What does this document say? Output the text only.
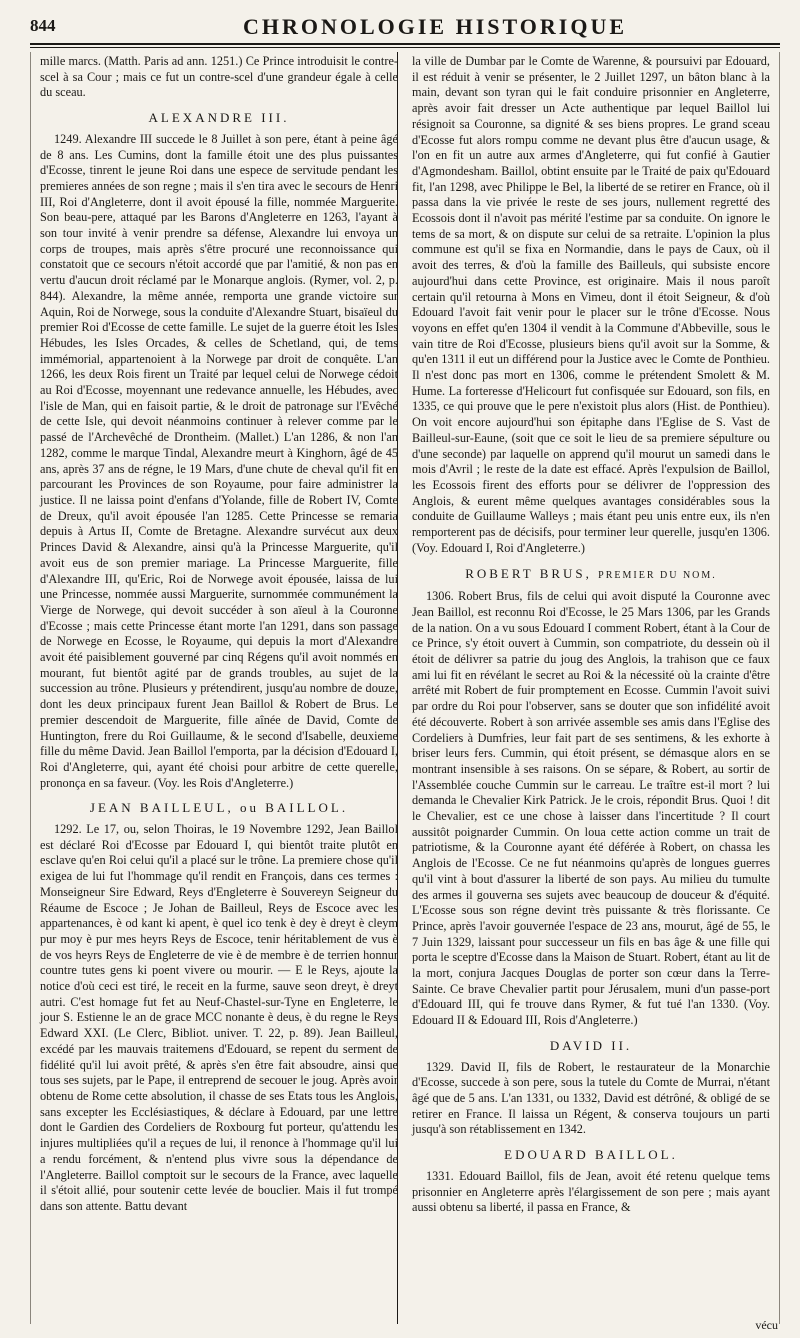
844	CHRONOLOGIE HISTORIQUE

mille marcs. (Matth. Paris ad ann. 1251.) Ce Prince introduisit le contre-scel à sa Cour ; mais ce fut un contre-scel d'une grandeur égale à celle du sceau.

ALEXANDRE III.

1249. Alexandre III succede le 8 Juillet à son pere, étant à peine âgé de 8 ans. Les Cumins, dont la famille étoit une des plus puissantes d'Ecosse, tinrent le jeune Roi dans une espece de servitude pendant les premieres années de son regne ; mais il s'en tira avec le secours de Henri III, Roi d'Angleterre, dont il avoit épousé la fille, nommée Marguerite. Son beau-pere, attaqué par les Barons d'Angleterre en 1263, l'ayant à son tour invité à venir prendre sa défense, Alexandre lui envoya un corps de troupes, mais après s'être procuré une reconnoissance qui constatoit que ce secours n'étoit accordé que par l'amitié, & non pas en vertu d'aucun droit réclamé par le Monarque anglois. (Rymer, vol. 2, p. 844). Alexandre, la même année, remporta une grande victoire sur Aquin, Roi de Norwege, sous la conduite d'Alexandre Stuart, bisaïeul du premier Roi d'Ecosse de cette famille. Le sujet de la guerre étoit les Isles Hébudes, les Isles Orcades, & celles de Schetland, qui, de tems immémorial, appartenoient à la Norwege par droit de conquête. L'an 1266, les deux Rois firent un Traité par lequel celui de Norwege cédoit au Roi d'Ecosse, moyennant une redevance annuelle, les Hébudes, avec l'isle de Man, qui en faisoit partie, & le droit de patronage sur l'Evêché de cette Isle, qui devoit néanmoins continuer à relever comme par le passé de l'Archevêché de Drontheim. (Mallet.) L'an 1286, & non l'an 1282, comme le marque Tindal, Alexandre meurt à Kinghorn, âgé de 45 ans, après 37 ans de régne, le 19 Mars, d'une chute de cheval qu'il fit en parcourant les Provinces de son Royaume, pour faire administrer la justice. Il ne laissa point d'enfans d'Yolande, fille de Robert IV, Comte de Dreux, qu'il avoit épousée l'an 1285. Cette Princesse se remaria depuis à Artus II, Comte de Bretagne. Alexandre survécut aux deux Princes David & Alexandre, ainsi qu'à la Princesse Marguerite, qu'il avoit eus de son premier mariage. La Princesse Marguerite, fille d'Alexandre III, qu'Eric, Roi de Norwege avoit épousée, laissa de lui une Princesse, nommée aussi Marguerite, surnommée communément la Vierge de Norwege, qui devoit succéder à son aïeul à la Couronne d'Ecosse ; mais cette Princesse étant morte l'an 1291, dans son passage de Norwege en Ecosse, le Royaume, qui depuis la mort d'Alexandre avoit été paisiblement gouverné par cinq Régens qu'il avoit nommés en mourant, fut bientôt agité par de grands troubles, au sujet de la succession au trône. Plusieurs y prétendirent, jusqu'au nombre de douze, dont les deux principaux furent Jean Baillol & Robert de Brus. Le premier descendoit de Marguerite, fille aînée de David, Comte de Huntington, frere du Roi Guillaume, & le second d'Isabelle, deuxieme fille du même David. Jean Baillol l'emporta, par la décision d'Edouard I, Roi d'Angleterre, qui, ayant été choisi pour arbitre de cette querelle, prononça en sa faveur. (Voy. les Rois d'Angleterre.)

JEAN BAILLEUL, ou BAILLOL.

1292. Le 17, ou, selon Thoiras, le 19 Novembre 1292, Jean Baillol est déclaré Roi d'Ecosse par Edouard I, qui bientôt traite plutôt en esclave qu'en Roi celui qu'il a placé sur le trône. La premiere chose qu'il exigea de lui fut l'hommage qu'il rendit en François, dans ces termes : Monseigneur Sire Edward, Reys d'Engleterre è Souvereyn Seigneur du Réaume de Escoce ; Je Johan de Bailleul, Reys de Escoce avec les appartenances, è od kant ki apent, è quel ico tenk è dey è dreyt è cleym pur moy è pur mes heyrs Reys de Escoce, tenir héritablement de vus è de vos heyrs Reys de Engleterre de vie è de membre è de terrien honnur countre tutes gens ki poent vivere ou mourir. — E le Reys, ajoute la notice d'où ceci est tiré, le receit en la furme, sauve seon dreyt, è dreyt autri. C'est homage fut fet au Neuf-Chastel-sur-Tyne en Engleterre, le jour S. Estienne le an de grace MCC nonante è deus, è du regne le Reys Edward XXI. (Le Clerc, Bibliot. univer. T. 22, p. 89). Jean Bailleul, excédé par les mauvais traitemens d'Edouard, se repent du serment de fidélité qu'il lui avoit prêté, & après s'en être fait absoudre, ainsi que tous ses sujets, par le Pape, il entreprend de secouer le joug. Après avoir obtenu de Rome cette absolution, il chasse de ses Etats tous les Anglois, sans excepter les Ecclésiastiques, & déclare à Edouard, par une lettre dont le Gardien des Cordeliers de Roxbourg fut porteur, qu'attendu les injures multipliées qu'il a reçues de lui, il renonce à l'hommage qu'il lui a rendu forcément, & n'entend plus vivre sous la dépendance de l'Angleterre. Baillol comptoit sur le secours de la France, avec laquelle il s'étoit allié, pour soutenir cette levée de bouclier. Mais il fut trompé dans son attente. Battu devant

la ville de Dumbar par le Comte de Warenne, & poursuivi par Edouard, il est réduit à venir se présenter, le 2 Juillet 1297, un bâton blanc à la main, devant son tyran qui le fait conduire prisonnier en Angleterre, après avoir fait dresser un Acte authentique par lequel Baillol lui résignoit sa Couronne, sa dignité & ses biens propres. Le grand sceau d'Ecosse fut alors rompu comme ne devant plus être d'aucun usage, & l'on en fit un autre aux armes d'Angleterre, qui fut confié à Gautier d'Agmondesham. Baillol, obtint ensuite par le Traité de paix qu'Edouard fit, l'an 1298, avec Philippe le Bel, la liberté de se retirer en France, où il passa dans la vie privée le reste de ses jours, nullement regretté des Ecossois dont il n'avoit pas mérité l'estime par sa conduite. On ignore le tems de sa mort, & on dispute sur celui de sa retraite. L'opinion la plus commune est qu'il se fixa en Normandie, dans le pays de Caux, où il avoit des terres, & d'où la famille des Bailleuls, qui subsiste encore aujourd'hui dans cette Province, est originaire. Mais il nous paroît certain qu'il retourna à Mons en Vimeu, dont il étoit Seigneur, & d'où Edouard l'avoit fait venir pour le placer sur le trône d'Ecosse. Nous voyons en effet qu'en 1304 il vendit à la Commune d'Abbeville, sous le vain titre de Roi d'Ecosse, plusieurs biens qu'il avoit sur la Somme, & qu'en 1311 il eut un différend pour la Justice avec le Comte de Ponthieu. Il n'est donc pas mort en 1306, comme le prétendent Smolett & M. Hume. La forteresse d'Helicourt fut confisquée sur Edouard, son fils, en 1335, ce qui prouve que le pere n'existoit plus alors (Hist. de Ponthieu). On voit encore aujourd'hui son épitaphe dans l'Eglise de S. Vast de Bailleul-sur-Eaune, (soit que ce soit le lieu de sa premiere sépulture ou d'une seconde) par laquelle on apprend qu'il mourut un samedi dans le mois d'Avril ; le reste de la date est effacé. Après l'expulsion de Baillol, les Ecossois firent des efforts pour se délivrer de l'oppression des Anglois, & eurent même quelques avantages considérables sous la conduite de Guillaume Walleys ; mais étant peu unis entre eux, ils n'en remporterent pas de décisifs, pour terminer leur querelle, jusqu'en 1306. (Voy. Edouard I, Roi d'Angleterre.)

ROBERT BRUS, PREMIER DU NOM.

1306. Robert Brus, fils de celui qui avoit disputé la Couronne avec Jean Baillol, est reconnu Roi d'Ecosse, le 25 Mars 1306, par les Grands de la nation. On a vu sous Edouard I comment Robert, étant à la Cour de ce Prince, s'y étoit ouvert à Cummin, son compatriote, du dessein où il étoit de délivrer sa patrie du joug des Anglois, la trahison que ce faux ami lui fit en révélant le secret au Roi & la nécessité où la crainte d'être arrêté mit Robert de fuir promptement en Ecosse. Cummin l'avoit suivi par ordre du Roi pour l'observer, sans se douter que son infidélité avoit été découverte. Robert à son arrivée assemble ses amis dans l'Eglise des Cordeliers à Dumfries, leur fait part de ses sentimens, & les exhorte à briser leurs fers. Cummin, qui étoit présent, se démasque alors en se montrant insensible à ses raisons. On se sépare, & Robert, au sortir de l'Assemblée couche Cummin sur le carreau. Le traître est-il mort ? lui demanda le Chevalier Kirk Patrick. Je le crois, répondit Brus. Quoi ! dit le Chevalier, est ce une chose à laisser dans l'incertitude ? Il court aussitôt poignarder Cummin. On loua cette action comme un trait de patriotisme, & la Couronne ayant été déférée à Robert, on chassa les Anglois de l'Ecosse. Ce ne fut néanmoins qu'après de longues guerres qu'il vint à bout d'assurer la liberté de son pays. Au milieu du tumulte des armes il gouverna ses sujets avec beaucoup de douceur & d'équité. L'Ecosse sous son régne devint très puissante & très florissante. Ce Prince, après l'avoir gouvernée l'espace de 23 ans, mourut, âgé de 55, le 7 Juin 1329, laissant pour successeur un fils en bas âge & une fille qui porta le sceptre d'Ecosse dans la Maison de Stuart. Robert, étant au lit de la mort, conjura Jacques Douglas de porter son cœur dans la Terre-Sainte. Ce brave Chevalier partit pour Jérusalem, muni d'un passe-port d'Edouard III, qui fe trouve dans Rymer, & fut tué l'an 1330. (Voy. Edouard II & Edouard III, Rois d'Angleterre.)

DAVID II.

1329. David II, fils de Robert, le restaurateur de la Monarchie d'Ecosse, succede à son pere, sous la tutele du Comte de Murrai, n'étant âgé que de 5 ans. L'an 1331, ou 1332, David est détrôné, & obligé de se retirer en France. Il laissa un Régent, & conserva toujours un parti jusqu'à son rétablissement en 1342.

EDOUARD BAILLOL.

1331. Edouard Baillol, fils de Jean, avoit été retenu quelque tems prisonnier en Angleterre après l'élargissement de son pere ; mais ayant aussi obtenu sa liberté, il passa en France, &

vécu
